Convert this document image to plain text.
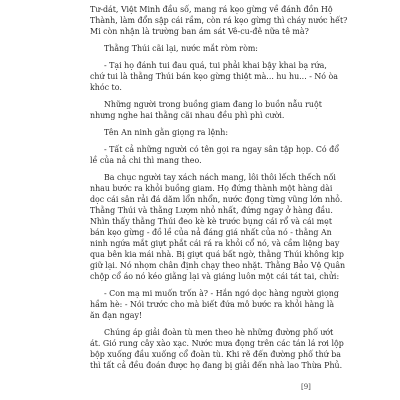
Tư-dát, Việt Minh đầu số, mang rá kẹo gừng về đánh đồn Hộ
Thành, làm đổn sập cái rầm, còn rá kẹo gừng thì cháy nước hết?
Mi còn nhận là trường ban ám sát Vê-cu-đê nữa tê mà?
Thằng Thúi cãi lại, nước mắt ròm ròm:
- Tại họ đánh tui đau quá, tui phải khai bậy khai bạ rứa,
chứ tui là thằng Thúi bán kẹo gừng thiệt mà... hu hu... - Nó òa
khóc to.
Những người trong buồng giam đang lo buồn nẫu ruột
nhưng nghe hai thằng cãi nhau đều phì phì cười.
Tên An ninh gằn giọng ra lệnh:
- Tất cả những người có tên gọi ra ngay sân tập họp. Có đổ
lề của nả chi thì mang theo.
Ba chục người tay xách nách mang, lôi thôi lếch thếch nối
nhau bước ra khỏi buồng giam. Họ đứng thành một hàng dài
dọc cái sân rải đá dăm lổn nhổn, nước đọng từng vũng lớn nhỏ.
Thằng Thúi và thằng Lượm nhỏ nhất, đứng ngay ở hàng đầu.
Nhìn thấy thằng Thúi đeo kè kè trước bụng cái rổ và cái mẹt
bán kẹo gừng - đồ lề của nả đáng giá nhất của nó - thằng An
ninh ngứa mắt giựt phắt cái rá ra khỏi cổ nó, và cầm liệng bay
qua bên kia mái nhà. Bị giựt quá bất ngờ, thằng Thúi không kịp
giữ lại. Nó nhọm chân định chạy theo nhặt. Thằng Bảo Vệ Quân
chộp cổ áo nó kéo giằng lại và giáng luôn một cái tát tai, chửi:
- Con mạ mi muốn trốn à? - Hắn ngó dọc hàng người giọng
hầm hè: - Nói trước cho mà biết đứa mô bước ra khỏi hàng là
ăn đạn ngay!
Chúng áp giải đoàn tù men theo hè những đường phố ướt
át. Gió rung cây xào xạc. Nước mưa đọng trên các tán lá rơi lộp
bộp xuống đầu xuống cổ đoàn tù. Khi rẽ đến đường phố thứ ba
thì tất cả đều đoán được họ đang bị giải đến nhà lao Thừa Phủ.
[9]
